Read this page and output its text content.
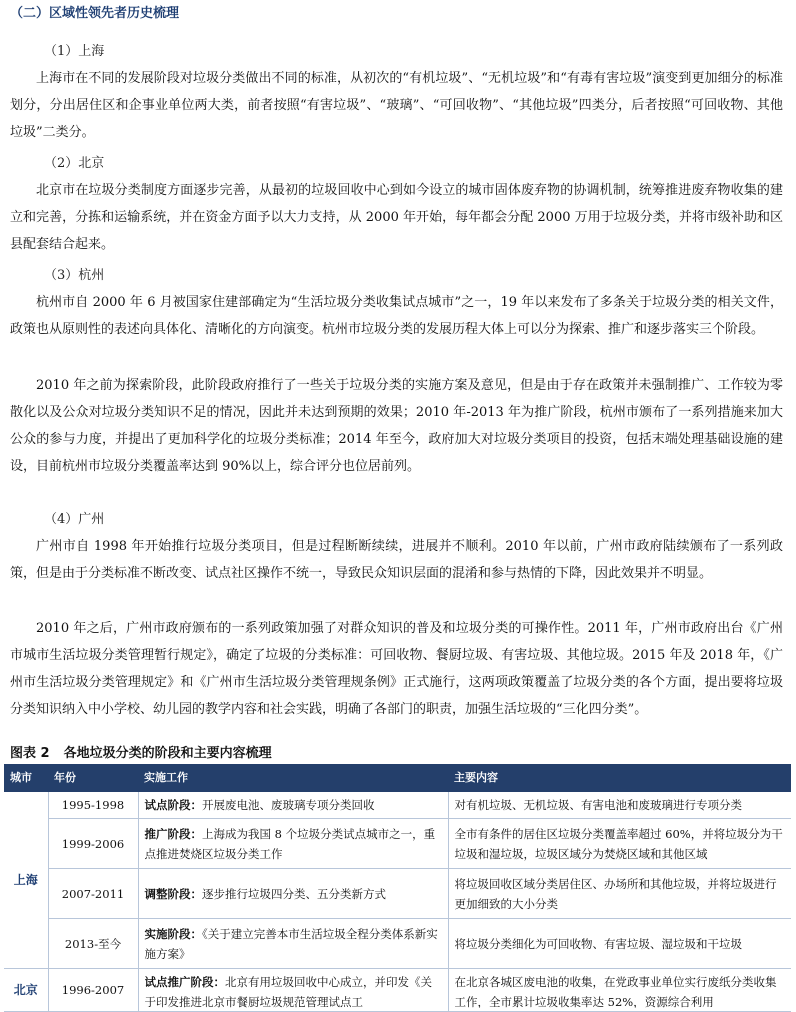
（二）区域性领先者历史梳理
（1）上海

上海市在不同的发展阶段对垃圾分类做出不同的标准，从初次的“有机垃圾”、“无机垃圾”和“有毒有害垃圾”演变到更加细分的标准划分，分出居住区和企事业单位两大类，前者按照“有害垃圾”、“玻璃”、“可回收物”、“其他垃圾”四类分，后者按照“可回收物、其他垃圾”二类分。

（2）北京

北京市在垃圾分类制度方面逐步完善，从最初的垃圾回收中心到如今设立的城市固体废弃物的协调机制，统筹推进废弃物收集的建立和完善，分拣和运输系统，并在资金方面予以大力支持，从 2000 年开始，每年都会分配 2000 万用于垃圾分类，并将市级补助和区县配套结合起来。

（3）杭州

杭州市自 2000 年 6 月被国家住建部确定为“生活垃圾分类收集试点城市”之一，19 年以来发布了多条关于垃圾分类的相关文件，政策也从原则性的表述向具体化、清晰化的方向演变。杭州市垃圾分类的发展历程大体上可以分为探索、推广和逐步落实三个阶段。

2010 年之前为探索阶段，此阶段政府推行了一些关于垃圾分类的实施方案及意见，但是由于存在政策并未强制推广、工作较为零散化以及公众对垃圾分类知识不足的情况，因此并未达到预期的效果；2010 年-2013 年为推广阶段，杭州市颁布了一系列措施来加大公众的参与力度，并提出了更加科学化的垃圾分类标准；2014 年至今，政府加大对垃圾分类项目的投资，包括末端处理基础设施的建设，目前杭州市垃圾分类覆盖率达到 90%以上，综合评分也位居前列。

（4）广州

广州市自 1998 年开始推行垃圾分类项目，但是过程断断续续，进展并不顺利。2010 年以前，广州市政府陆续颁布了一系列政策，但是由于分类标准不断改变、试点社区操作不统一，导致民众知识层面的混淆和参与热情的下降，因此效果并不明显。

2010 年之后，广州市政府颁布的一系列政策加强了对群众知识的普及和垃圾分类的可操作性。2011 年，广州市政府出台《广州市城市生活垃圾分类管理暂行规定》，确定了垃圾的分类标准：可回收物、餐厨垃圾、有害垃圾、其他垃圾。2015 年及 2018 年，《广州市生活垃圾分类管理规定》和《广州市生活垃圾分类管理规条例》正式施行，这两项政策覆盖了垃圾分类的各个方面，提出要将垃圾分类知识纳入中小学校、幼儿园的教学内容和社会实践，明确了各部门的职责，加强生活垃圾的“三化四分类”。

图表 2 各地垃圾分类的阶段和主要内容梳理
城市	年份	实施工作	主要内容
上海	1995-1998	试点阶段：开展废电池、废玻璃专项分类回收	对有机垃圾、无机垃圾、有害电池和废玻璃进行专项分类
	1999-2006	推广阶段：上海成为我国 8 个垃圾分类试点城市之一，重点推进焚烧区垃圾分类工作	全市有条件的居住区垃圾分类覆盖率超过 60%，并将垃圾分为干垃圾和湿垃圾，垃圾区域分为焚烧区域和其他区域
	2007-2011	调整阶段：逐步推行垃圾四分类、五分类新方式	将垃圾回收区域分类居住区、办场所和其他垃圾，并将垃圾进行更加细致的大小分类
	2013-至今	实施阶段：《关于建立完善本市生活垃圾全程分类体系新实施方案》	将垃圾分类细化为可回收物、有害垃圾、湿垃圾和干垃圾
北京	1996-2007	试点推广阶段：北京有用垃圾回收中心成立，并印发《关于印发推进北京市餐厨垃圾规范管理试点工	在北京各城区废电池的收集，在党政事业单位实行废纸分类收集工作，全市累计垃圾收集率达 52%，资源综合利用
